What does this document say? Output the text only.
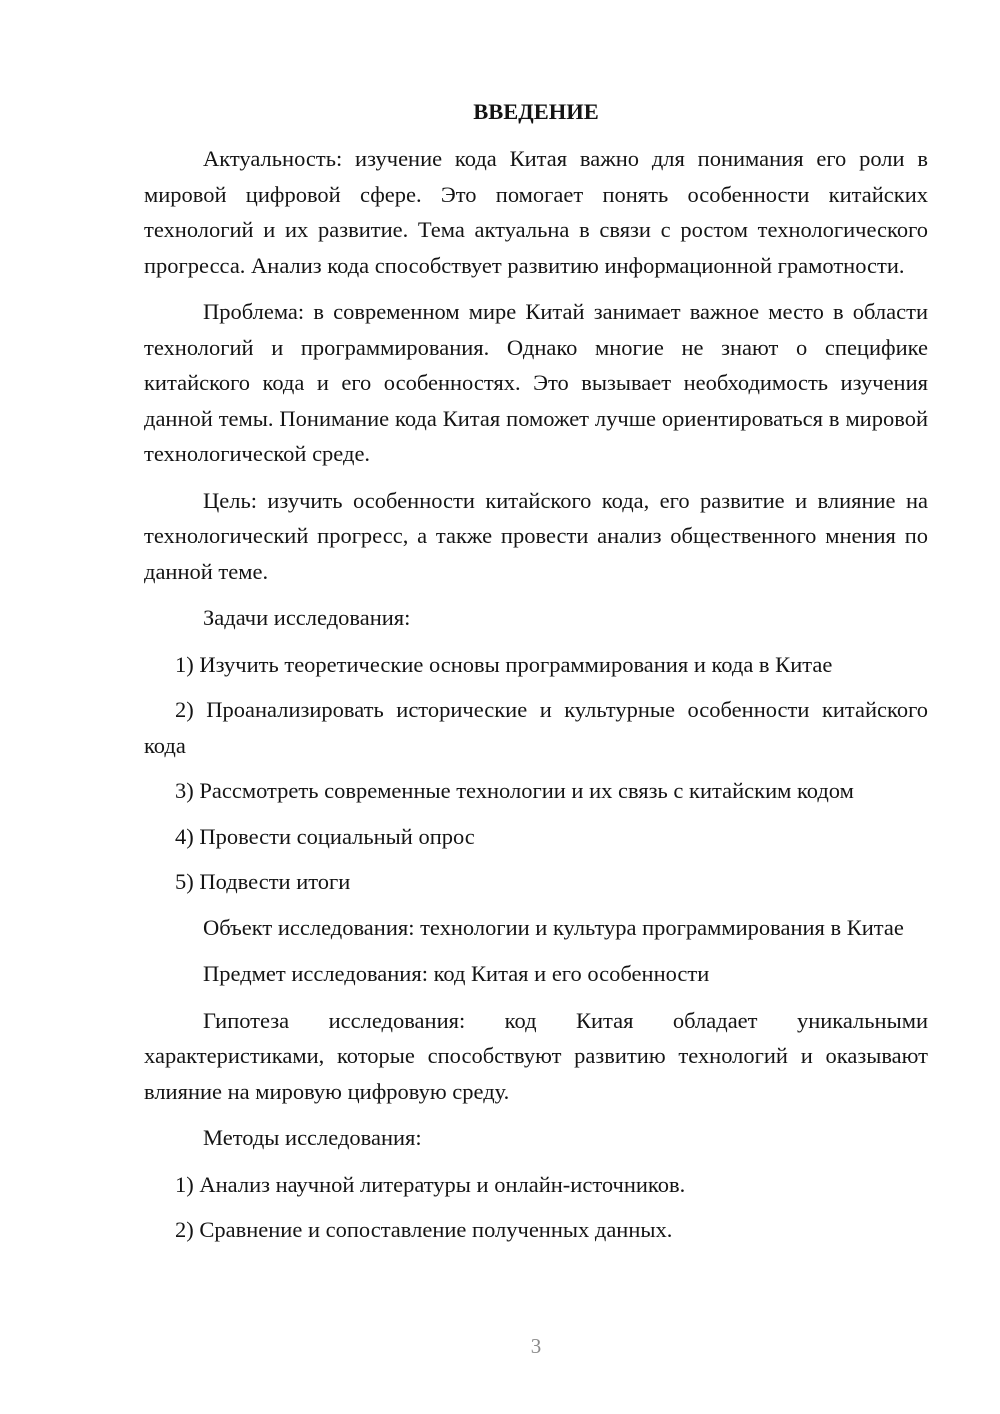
ВВЕДЕНИЕ

Актуальность: изучение кода Китая важно для понимания его роли в мировой цифровой сфере. Это помогает понять особенности китайских технологий и их развитие. Тема актуальна в связи с ростом технологического прогресса. Анализ кода способствует развитию информационной грамотности.

Проблема: в современном мире Китай занимает важное место в области технологий и программирования. Однако многие не знают о специфике китайского кода и его особенностях. Это вызывает необходимость изучения данной темы. Понимание кода Китая поможет лучше ориентироваться в мировой технологической среде.

Цель: изучить особенности китайского кода, его развитие и влияние на технологический прогресс, а также провести анализ общественного мнения по данной теме.

Задачи исследования:

1) Изучить теоретические основы программирования и кода в Китае

2) Проанализировать исторические и культурные особенности китайского кода

3) Рассмотреть современные технологии и их связь с китайским кодом

4) Провести социальный опрос

5) Подвести итоги

Объект исследования: технологии и культура программирования в Китае

Предмет исследования: код Китая и его особенности

Гипотеза исследования: код Китая обладает уникальными характеристиками, которые способствуют развитию технологий и оказывают влияние на мировую цифровую среду.

Методы исследования:

1) Анализ научной литературы и онлайн-источников.

2) Сравнение и сопоставление полученных данных.

3
